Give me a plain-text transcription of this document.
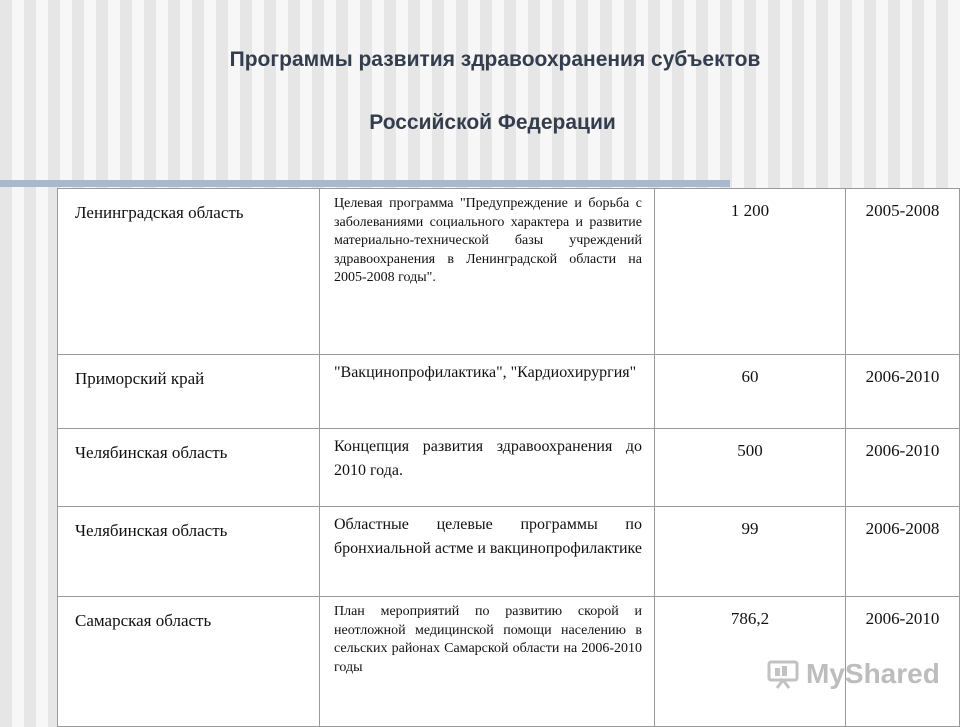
Программы развития здравоохранения субъектов
Российской Федерации
Ленинградская область	Целевая программа "Предупреждение и борьба с заболеваниями социального характера и развитие материально-технической базы учреждений здравоохранения в Ленинградской области на 2005-2008 годы".	1 200	2005-2008
Приморский край	"Вакцинопрофилактика", "Кардиохирургия"	60	2006-2010
Челябинская область	Концепция развития здравоохранения до 2010 года.	500	2006-2010
Челябинская область	Областные целевые программы по бронхиальной астме и вакцинопрофилактике	99	2006-2008
Самарская область	План мероприятий по развитию скорой и неотложной медицинской помощи населению в сельских районах Самарской области на 2006-2010 годы	786,2	2006-2010
MyShared
